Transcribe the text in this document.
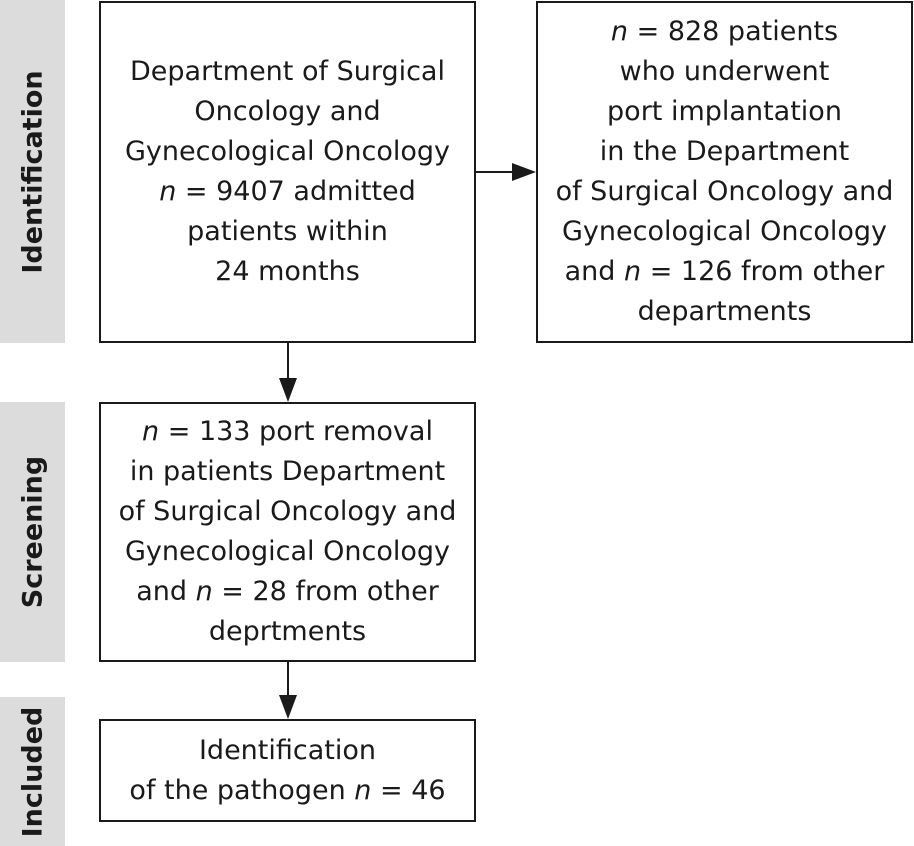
Identification
Screening
Included
Department of Surgical
Oncology and
Gynecological Oncology
n = 9407 admitted
patients within
24 months
n = 828 patients
who underwent
port implantation
in the Department
of Surgical Oncology and
Gynecological Oncology
and n = 126 from other
departments
n = 133 port removal
in patients Department
of Surgical Oncology and
Gynecological Oncology
and n = 28 from other
deprtments
Identification
of the pathogen n = 46
